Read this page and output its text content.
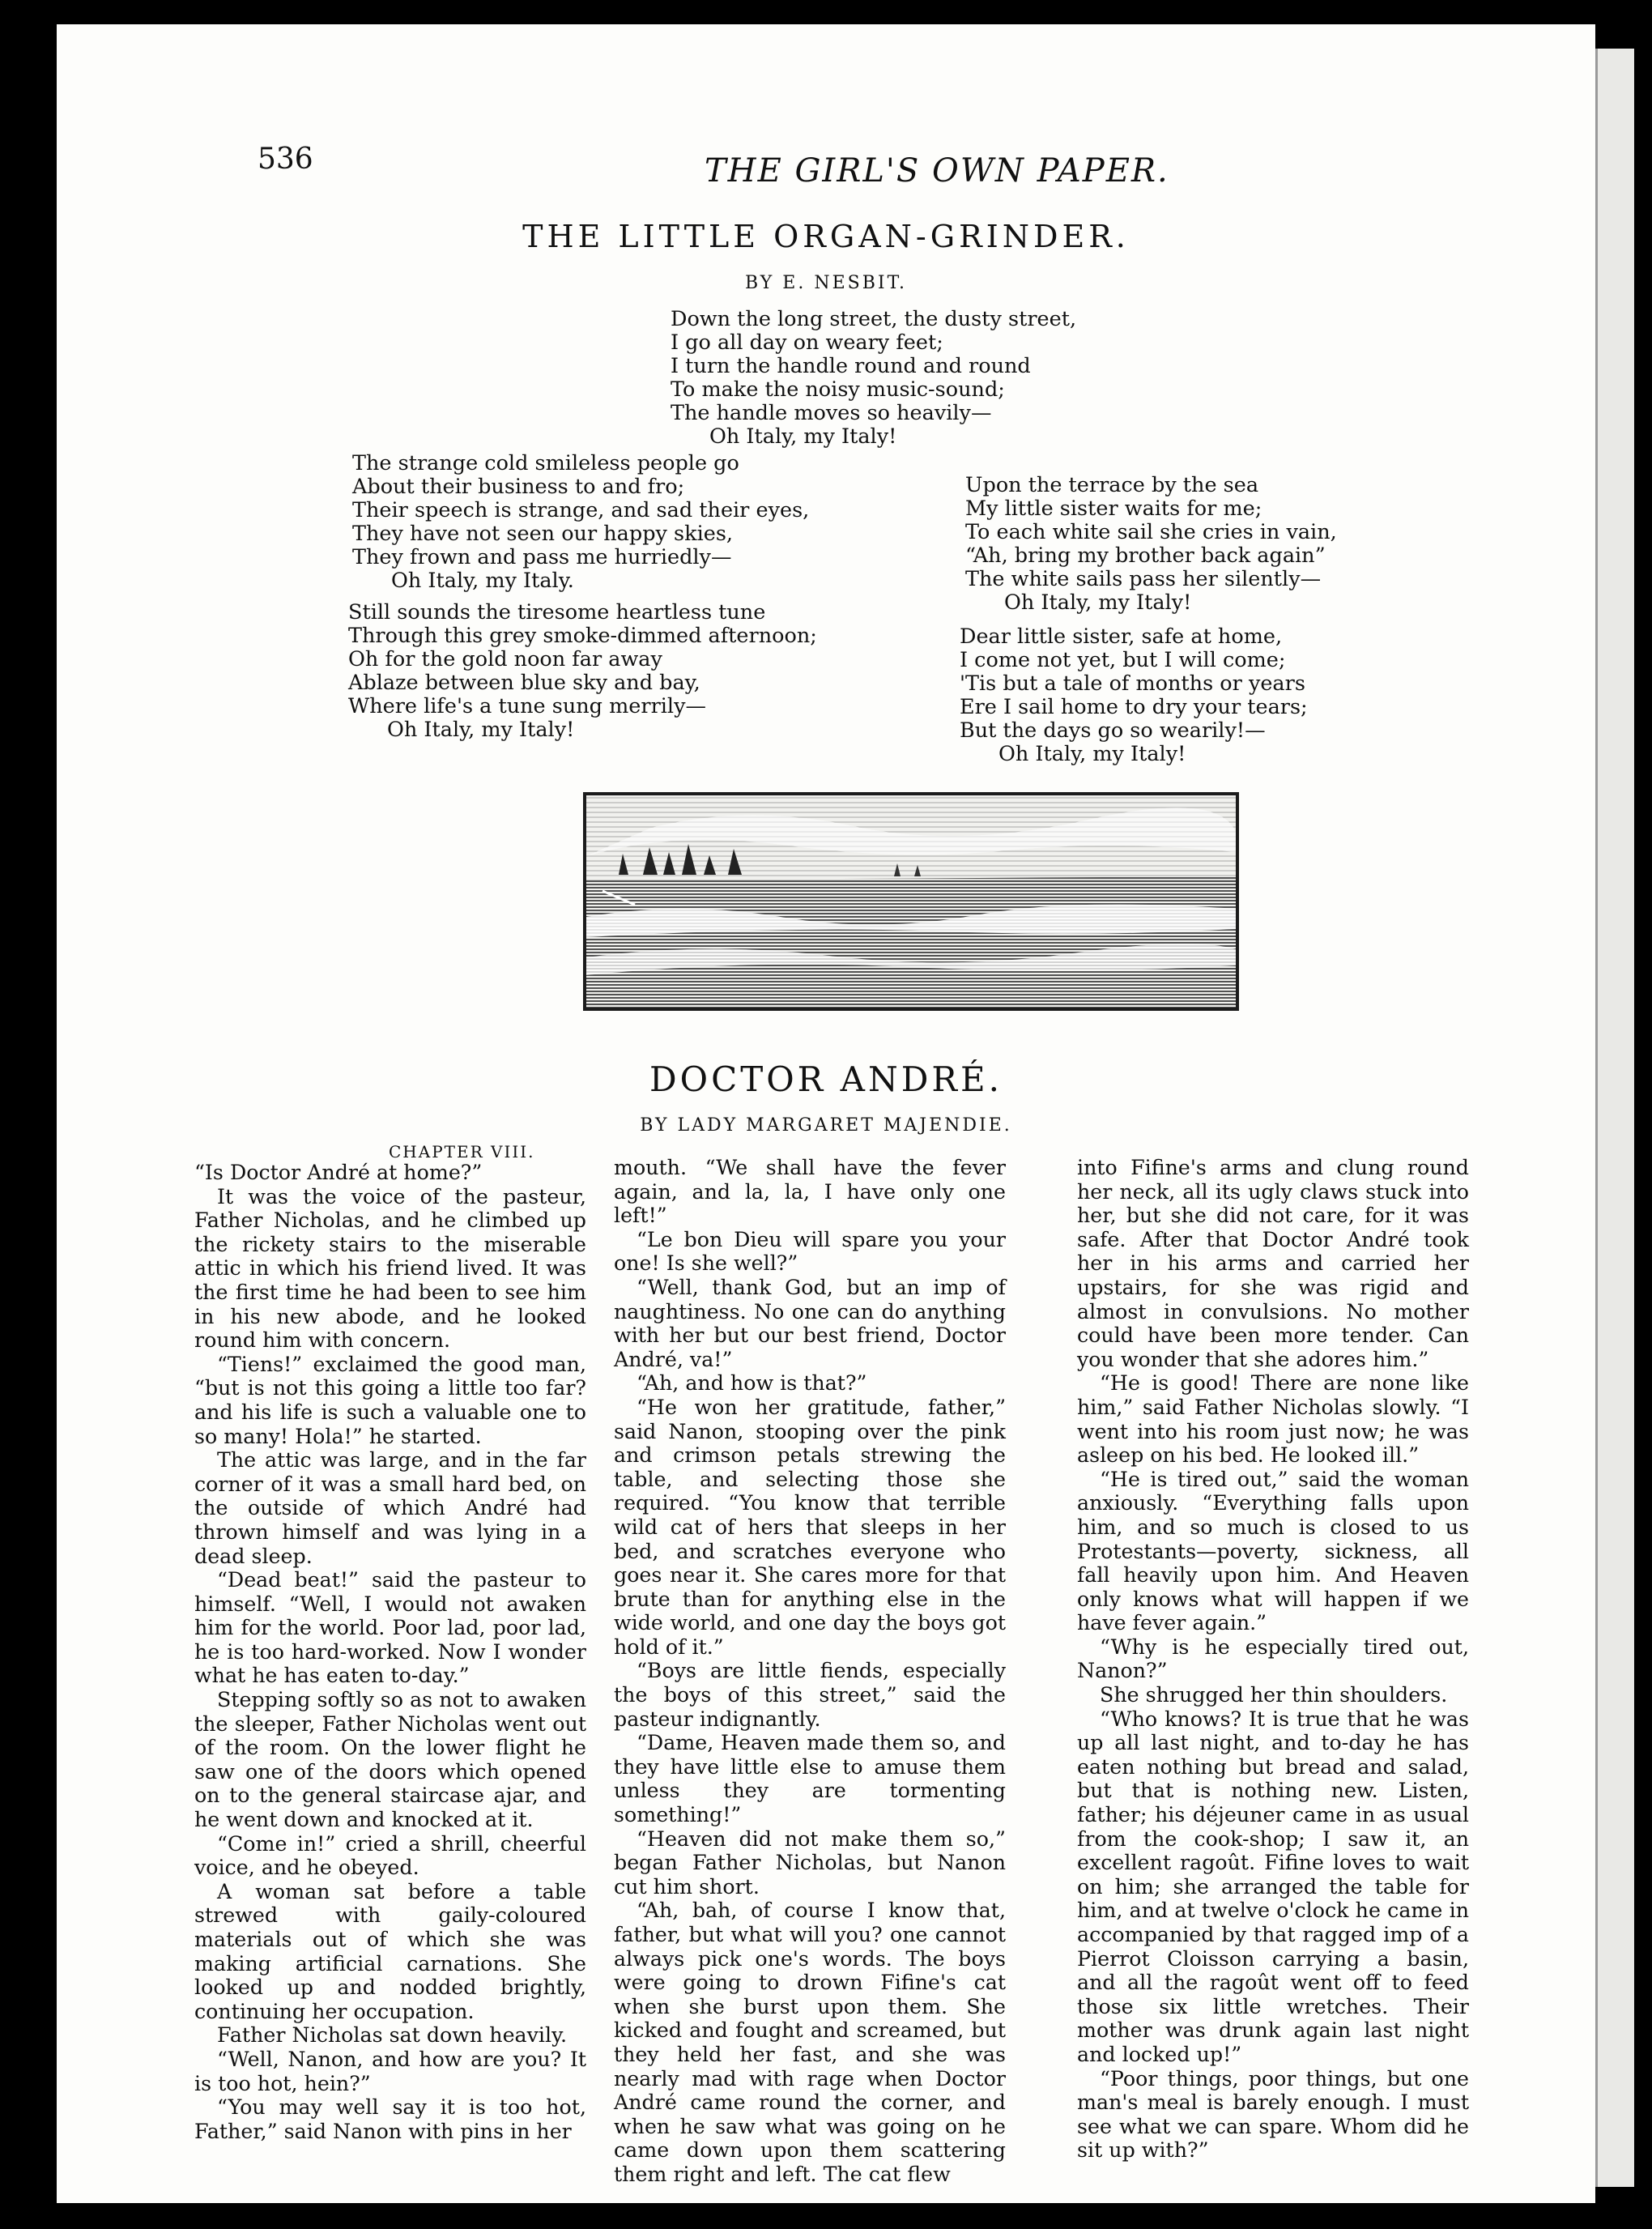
536	THE GIRL'S OWN PAPER.
THE LITTLE ORGAN-GRINDER.
BY E. NESBIT.
Down the long street, the dusty street,
I go all day on weary feet;
I turn the handle round and round
To make the noisy music-sound;
The handle moves so heavily—
Oh Italy, my Italy!
The strange cold smileless people go
About their business to and fro;
Their speech is strange, and sad their eyes,
They have not seen our happy skies,
They frown and pass me hurriedly—
Oh Italy, my Italy.
Still sounds the tiresome heartless tune
Through this grey smoke-dimmed afternoon;
Oh for the gold noon far away
Ablaze between blue sky and bay,
Where life's a tune sung merrily—
Oh Italy, my Italy!
Upon the terrace by the sea
My little sister waits for me;
To each white sail she cries in vain,
“Ah, bring my brother back again”
The white sails pass her silently—
Oh Italy, my Italy!
Dear little sister, safe at home,
I come not yet, but I will come;
'Tis but a tale of months or years
Ere I sail home to dry your tears;
But the days go so wearily!—
Oh Italy, my Italy!
DOCTOR ANDRÉ.
BY LADY MARGARET MAJENDIE.
CHAPTER VIII.

“Is Doctor André at home?”

It was the voice of the pasteur, Father Nicholas, and he climbed up the rickety stairs to the miserable attic in which his friend lived. It was the first time he had been to see him in his new abode, and he looked round him with concern.

“Tiens!” exclaimed the good man, “but is not this going a little too far? and his life is such a valuable one to so many! Hola!” he started.

The attic was large, and in the far corner of it was a small hard bed, on the outside of which André had thrown himself and was lying in a dead sleep.

“Dead beat!” said the pasteur to himself. “Well, I would not awaken him for the world. Poor lad, poor lad, he is too hard-worked. Now I wonder what he has eaten to-day.”

Stepping softly so as not to awaken the sleeper, Father Nicholas went out of the room. On the lower flight he saw one of the doors which opened on to the general staircase ajar, and he went down and knocked at it.

“Come in!” cried a shrill, cheerful voice, and he obeyed.

A woman sat before a table strewed with gaily-coloured materials out of which she was making artificial carnations. She looked up and nodded brightly, continuing her occupation.

Father Nicholas sat down heavily.

“Well, Nanon, and how are you? It is too hot, hein?”

“You may well say it is too hot, Father,” said Nanon with pins in her

mouth. “We shall have the fever again, and la, la, I have only one left!”

“Le bon Dieu will spare you your one! Is she well?”

“Well, thank God, but an imp of naughtiness. No one can do anything with her but our best friend, Doctor André, va!”

“Ah, and how is that?”

“He won her gratitude, father,” said Nanon, stooping over the pink and crimson petals strewing the table, and selecting those she required. “You know that terrible wild cat of hers that sleeps in her bed, and scratches everyone who goes near it. She cares more for that brute than for anything else in the wide world, and one day the boys got hold of it.”

“Boys are little fiends, especially the boys of this street,” said the pasteur indignantly.

“Dame, Heaven made them so, and they have little else to amuse them unless they are tormenting something!”

“Heaven did not make them so,” began Father Nicholas, but Nanon cut him short.

“Ah, bah, of course I know that, father, but what will you? one cannot always pick one's words. The boys were going to drown Fifine's cat when she burst upon them. She kicked and fought and screamed, but they held her fast, and she was nearly mad with rage when Doctor André came round the corner, and when he saw what was going on he came down upon them scattering them right and left. The cat flew

into Fifine's arms and clung round her neck, all its ugly claws stuck into her, but she did not care, for it was safe. After that Doctor André took her in his arms and carried her upstairs, for she was rigid and almost in convulsions. No mother could have been more tender. Can you wonder that she adores him.”

“He is good! There are none like him,” said Father Nicholas slowly. “I went into his room just now; he was asleep on his bed. He looked ill.”

“He is tired out,” said the woman anxiously. “Everything falls upon him, and so much is closed to us Protestants—poverty, sickness, all fall heavily upon him. And Heaven only knows what will happen if we have fever again.”

“Why is he especially tired out, Nanon?”

She shrugged her thin shoulders.

“Who knows? It is true that he was up all last night, and to-day he has eaten nothing but bread and salad, but that is nothing new. Listen, father; his déjeuner came in as usual from the cook-shop; I saw it, an excellent ragoût. Fifine loves to wait on him; she arranged the table for him, and at twelve o'clock he came in accompanied by that ragged imp of a Pierrot Cloisson carrying a basin, and all the ragoût went off to feed those six little wretches. Their mother was drunk again last night and locked up!”

“Poor things, poor things, but one man's meal is barely enough. I must see what we can spare. Whom did he sit up with?”
